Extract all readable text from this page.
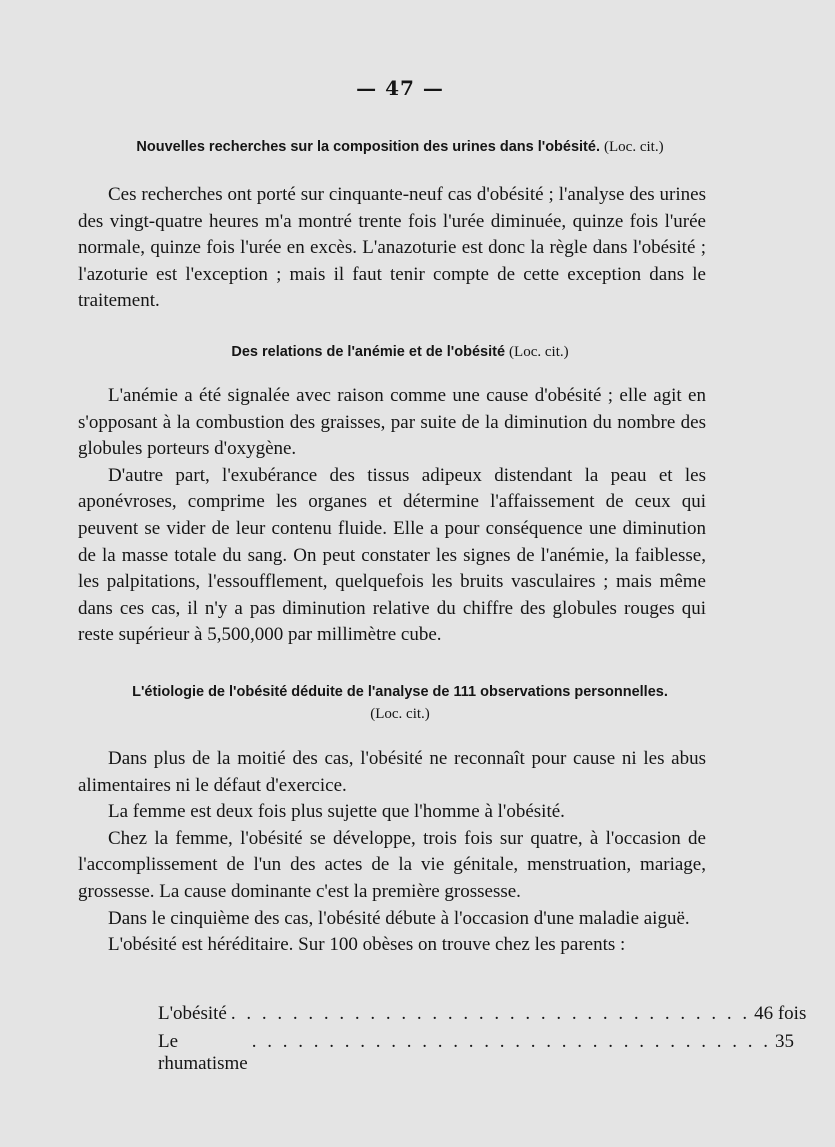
— 47 —
Nouvelles recherches sur la composition des urines dans l'obésité. (Loc. cit.)

Ces recherches ont porté sur cinquante-neuf cas d'obésité ; l'analyse des urines des vingt-quatre heures m'a montré trente fois l'urée diminuée, quinze fois l'urée normale, quinze fois l'urée en excès. L'anazoturie est donc la règle dans l'obésité ; l'azoturie est l'exception ; mais il faut tenir compte de cette exception dans le traitement.

Des relations de l'anémie et de l'obésité (Loc. cit.)

L'anémie a été signalée avec raison comme une cause d'obésité ; elle agit en s'opposant à la combustion des graisses, par suite de la diminution du nombre des globules porteurs d'oxygène.

D'autre part, l'exubérance des tissus adipeux distendant la peau et les aponévroses, comprime les organes et détermine l'affaissement de ceux qui peuvent se vider de leur contenu fluide. Elle a pour conséquence une diminution de la masse totale du sang. On peut constater les signes de l'anémie, la faiblesse, les palpitations, l'essoufflement, quelquefois les bruits vasculaires ; mais même dans ces cas, il n'y a pas diminution relative du chiffre des globules rouges qui reste supérieur à 5,500,000 par millimètre cube.

L'étiologie de l'obésité déduite de l'analyse de 111 observations personnelles.
(Loc. cit.)

Dans plus de la moitié des cas, l'obésité ne reconnaît pour cause ni les abus alimentaires ni le défaut d'exercice.

La femme est deux fois plus sujette que l'homme à l'obésité.

Chez la femme, l'obésité se développe, trois fois sur quatre, à l'occasion de l'accomplissement de l'un des actes de la vie génitale, menstruation, mariage, grossesse. La cause dominante c'est la première grossesse.

Dans le cinquième des cas, l'obésité débute à l'occasion d'une maladie aiguë.

L'obésité est héréditaire. Sur 100 obèses on trouve chez les parents :

L'obésité . . . . . . . . . . . . . . . . . . . . . . . . . . . . . . . . . . 46 fois
Le rhumatisme
. . . . . . . . . . . . . . . . . . . . . . . . . . . . . . . . . . 35
